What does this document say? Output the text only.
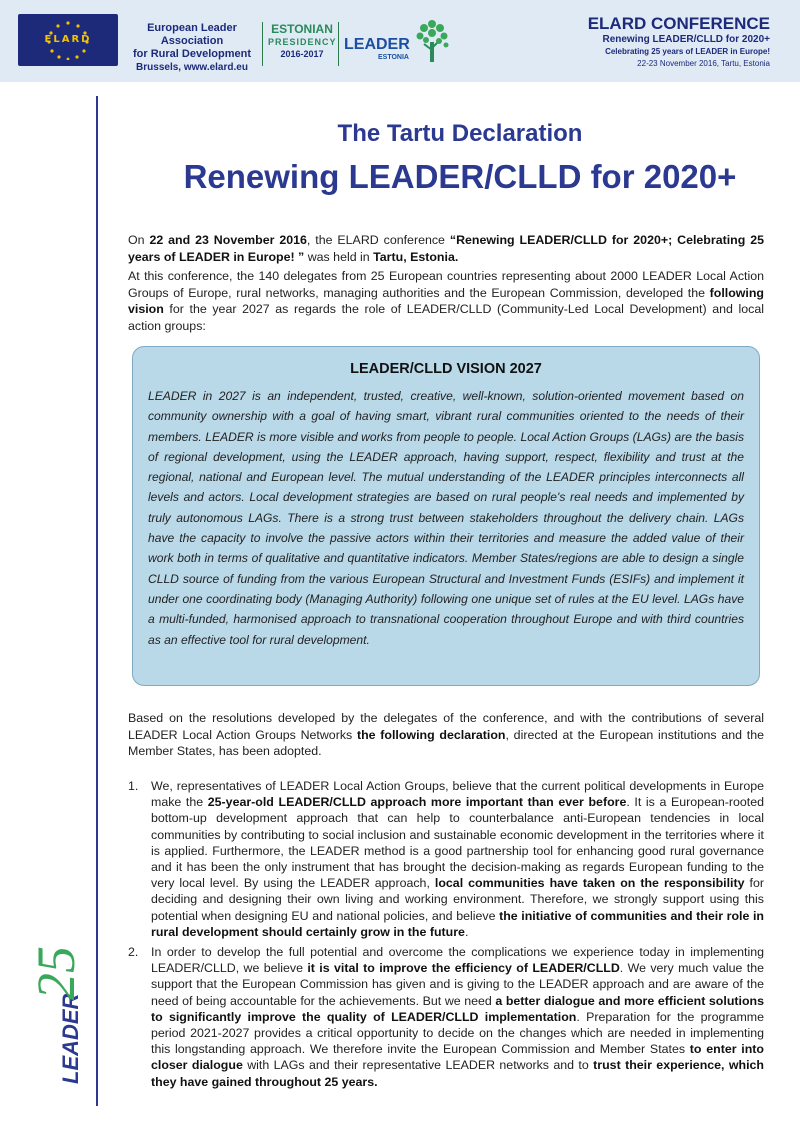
ELARD
European Leader Association
for Rural Development
Brussels, www.elard.eu
ESTONIAN
PRESIDENCY
2016-2017
LEADER
ESTONIA
ELARD CONFERENCE
Renewing LEADER/CLLD for 2020+
Celebrating 25 years of LEADER in Europe!
22-23 November 2016, Tartu, Estonia
LEADER
25
The Tartu Declaration
Renewing LEADER/CLLD for 2020+
On 22 and 23 November 2016, the ELARD conference “Renewing LEADER/CLLD for 2020+; Celebrating 25 years of LEADER in Europe! ” was held in Tartu, Estonia.
At this conference, the 140 delegates from 25 European countries representing about 2000 LEADER Local Action Groups of Europe, rural networks, managing authorities and the European Commission, developed the following vision for the year 2027 as regards the role of LEADER/CLLD (Community-Led Local Development) and local action groups:
LEADER/CLLD VISION 2027

LEADER in 2027 is an independent, trusted, creative, well-known, solution-oriented movement based on community ownership with a goal of having smart, vibrant rural communities oriented to the needs of their members. LEADER is more visible and works from people to people. Local Action Groups (LAGs) are the basis of regional development, using the LEADER approach, having support, respect, flexibility and trust at the regional, national and European level. The mutual understanding of the LEADER principles interconnects all levels and actors. Local development strategies are based on rural people's real needs and implemented by truly autonomous LAGs. There is a strong trust between stakeholders throughout the delivery chain. LAGs have the capacity to involve the passive actors within their territories and measure the added value of their work both in terms of qualitative and quantitative indicators. Member States/regions are able to design a single CLLD source of funding from the various European Structural and Investment Funds (ESIFs) and implement it under one coordinating body (Managing Authority) following one unique set of rules at the EU level. LAGs have a multi-funded, harmonised approach to transnational cooperation throughout Europe and with third countries as an effective tool for rural development.

Based on the resolutions developed by the delegates of the conference, and with the contributions of several LEADER Local Action Groups Networks the following declaration, directed at the European institutions and the Member States, has been adopted.
1. We, representatives of LEADER Local Action Groups, believe that the current political developments in Europe make the 25-year-old LEADER/CLLD approach more important than ever before. It is a European-rooted bottom-up development approach that can help to counterbalance anti-European tendencies in local communities by contributing to social inclusion and sustainable economic development in the territories where it is applied. Furthermore, the LEADER method is a good partnership tool for enhancing good rural governance and it has been the only instrument that has brought the decision-making as regards European funding to the very local level. By using the LEADER approach, local communities have taken on the responsibility for deciding and designing their own living and working environment. Therefore, we strongly support using this potential when designing EU and national policies, and believe the initiative of communities and their role in rural development should certainly grow in the future.
2. In order to develop the full potential and overcome the complications we experience today in implementing LEADER/CLLD, we believe it is vital to improve the efficiency of LEADER/CLLD. We very much value the support that the European Commission has given and is giving to the LEADER approach and are aware of the need of being accountable for the achievements. But we need a better dialogue and more efficient solutions to significantly improve the quality of LEADER/CLLD implementation. Preparation for the programme period 2021-2027 provides a critical opportunity to decide on the changes which are needed in implementing this longstanding approach. We therefore invite the European Commission and Member States to enter into closer dialogue with LAGs and their representative LEADER networks and to trust their experience, which they have gained throughout 25 years.
